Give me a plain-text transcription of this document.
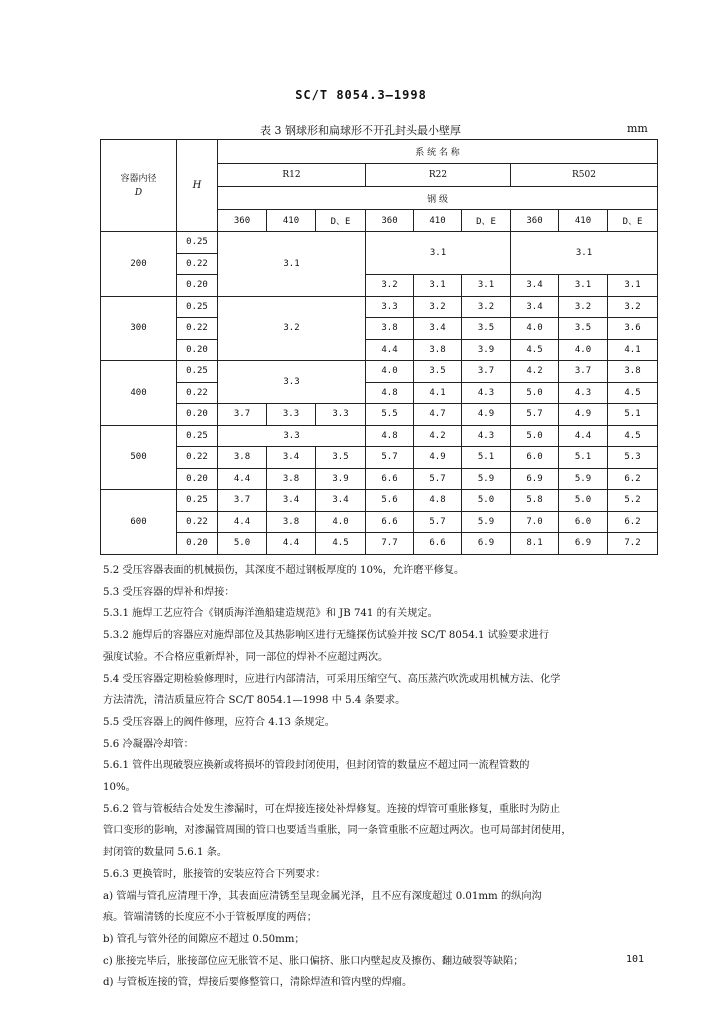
SC/T 8054.3—1998
表 3 钢球形和扁球形不开孔封头最小壁厚	mm
容器内径
D	H	系 统 名 称								
		R12			R22			R502		
		钢 级								
		360	410	D、E	360	410	D、E	360	410	D、E
200	0.25	3.1			3.1			3.1		
	0.22									
	0.20				3.2	3.1	3.1	3.4	3.1	3.1
300	0.25	3.2			3.3	3.2	3.2	3.4	3.2	3.2
	0.22				3.8	3.4	3.5	4.0	3.5	3.6
	0.20				4.4	3.8	3.9	4.5	4.0	4.1
400	0.25	3.3			4.0	3.5	3.7	4.2	3.7	3.8
	0.22				4.8	4.1	4.3	5.0	4.3	4.5
	0.20	3.7	3.3	3.3	5.5	4.7	4.9	5.7	4.9	5.1
500	0.25	3.3			4.8	4.2	4.3	5.0	4.4	4.5
	0.22	3.8	3.4	3.5	5.7	4.9	5.1	6.0	5.1	5.3
	0.20	4.4	3.8	3.9	6.6	5.7	5.9	6.9	5.9	6.2
600	0.25	3.7	3.4	3.4	5.6	4.8	5.0	5.8	5.0	5.2
	0.22	4.4	3.8	4.0	6.6	5.7	5.9	7.0	6.0	6.2
	0.20	5.0	4.4	4.5	7.7	6.6	6.9	8.1	6.9	7.2

5.2 受压容器表面的机械损伤，其深度不超过钢板厚度的 10%，允许磨平修复。

5.3 受压容器的焊补和焊接：

5.3.1 施焊工艺应符合《钢质海洋渔船建造规范》和 JB 741 的有关规定。

5.3.2 施焊后的容器应对施焊部位及其热影响区进行无缝探伤试验并按 SC/T 8054.1 试验要求进行

强度试验。不合格应重新焊补，同一部位的焊补不应超过两次。

5.4 受压容器定期检验修理时，应进行内部清洁，可采用压缩空气、高压蒸汽吹洗或用机械方法、化学

方法清洗，清洁质量应符合 SC/T 8054.1—1998 中 5.4 条要求。

5.5 受压容器上的阀件修理，应符合 4.13 条规定。

5.6 冷凝器冷却管：

5.6.1 管件出现破裂应换新或将损坏的管段封闭使用，但封闭管的数量应不超过同一流程管数的

10%。

5.6.2 管与管板结合处发生渗漏时，可在焊接连接处补焊修复。连接的焊管可重胀修复，重胀时为防止

管口变形的影响，对渗漏管周围的管口也要适当重胀，同一条管重胀不应超过两次。也可局部封闭使用，

封闭管的数量同 5.6.1 条。

5.6.3 更换管时，胀接管的安装应符合下列要求：

a) 管端与管孔应清理干净，其表面应清锈至呈现金属光泽，且不应有深度超过 0.01mm 的纵向沟

痕。管端清锈的长度应不小于管板厚度的两倍；

b) 管孔与管外径的间隙应不超过 0.50mm；

c) 胀接完毕后，胀接部位应无胀管不足、胀口偏挤、胀口内壁起皮及擦伤、翻边破裂等缺陷；

d) 与管板连接的管，焊接后要修整管口，清除焊渣和管内壁的焊瘤。

101
